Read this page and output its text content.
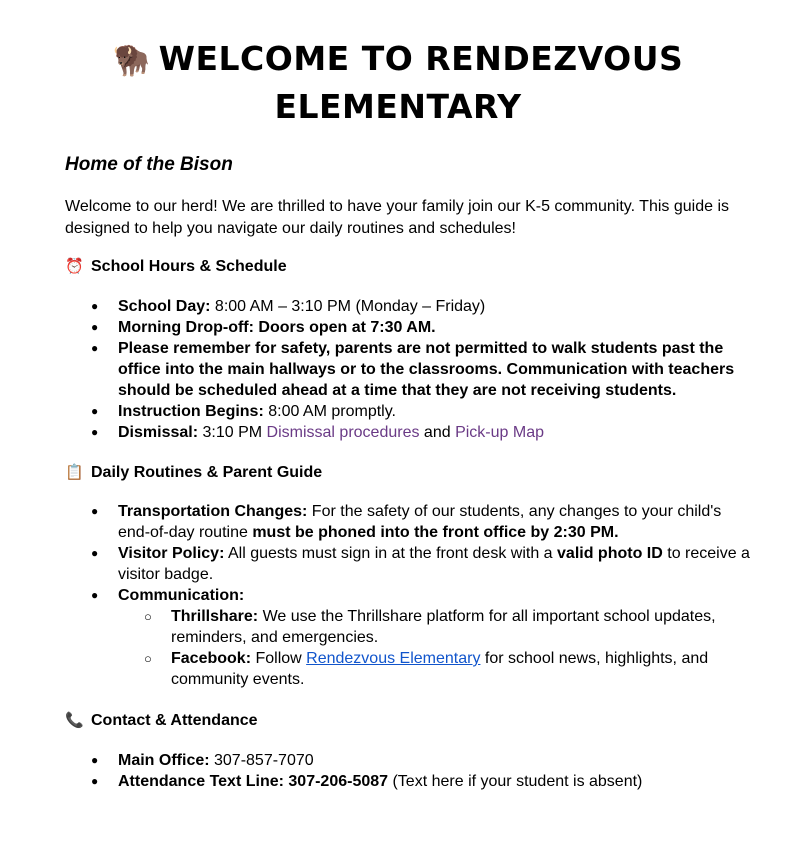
🦬 WELCOME TO RENDEZVOUS
ELEMENTARY
Home of the Bison
Welcome to our herd! We are thrilled to have your family join our K-5 community. This guide is designed to help you navigate our daily routines and schedules!
⏰ School Hours & Schedule
● School Day: 8:00 AM – 3:10 PM (Monday – Friday)
● Morning Drop-off: Doors open at 7:30 AM.
● Please remember for safety, parents are not permitted to walk students past the office into the main hallways or to the classrooms. Communication with teachers should be scheduled ahead at a time that they are not receiving students.
● Instruction Begins: 8:00 AM promptly.
● Dismissal: 3:10 PM Dismissal procedures and Pick-up Map
📋 Daily Routines & Parent Guide
● Transportation Changes: For the safety of our students, any changes to your child's end-of-day routine must be phoned into the front office by 2:30 PM.
● Visitor Policy: All guests must sign in at the front desk with a valid photo ID to receive a visitor badge.
● Communication:
○ Thrillshare: We use the Thrillshare platform for all important school updates, reminders, and emergencies.
○ Facebook: Follow Rendezvous Elementary for school news, highlights, and community events.
📞 Contact & Attendance
● Main Office: 307-857-7070
● Attendance Text Line: 307-206-5087 (Text here if your student is absent)
